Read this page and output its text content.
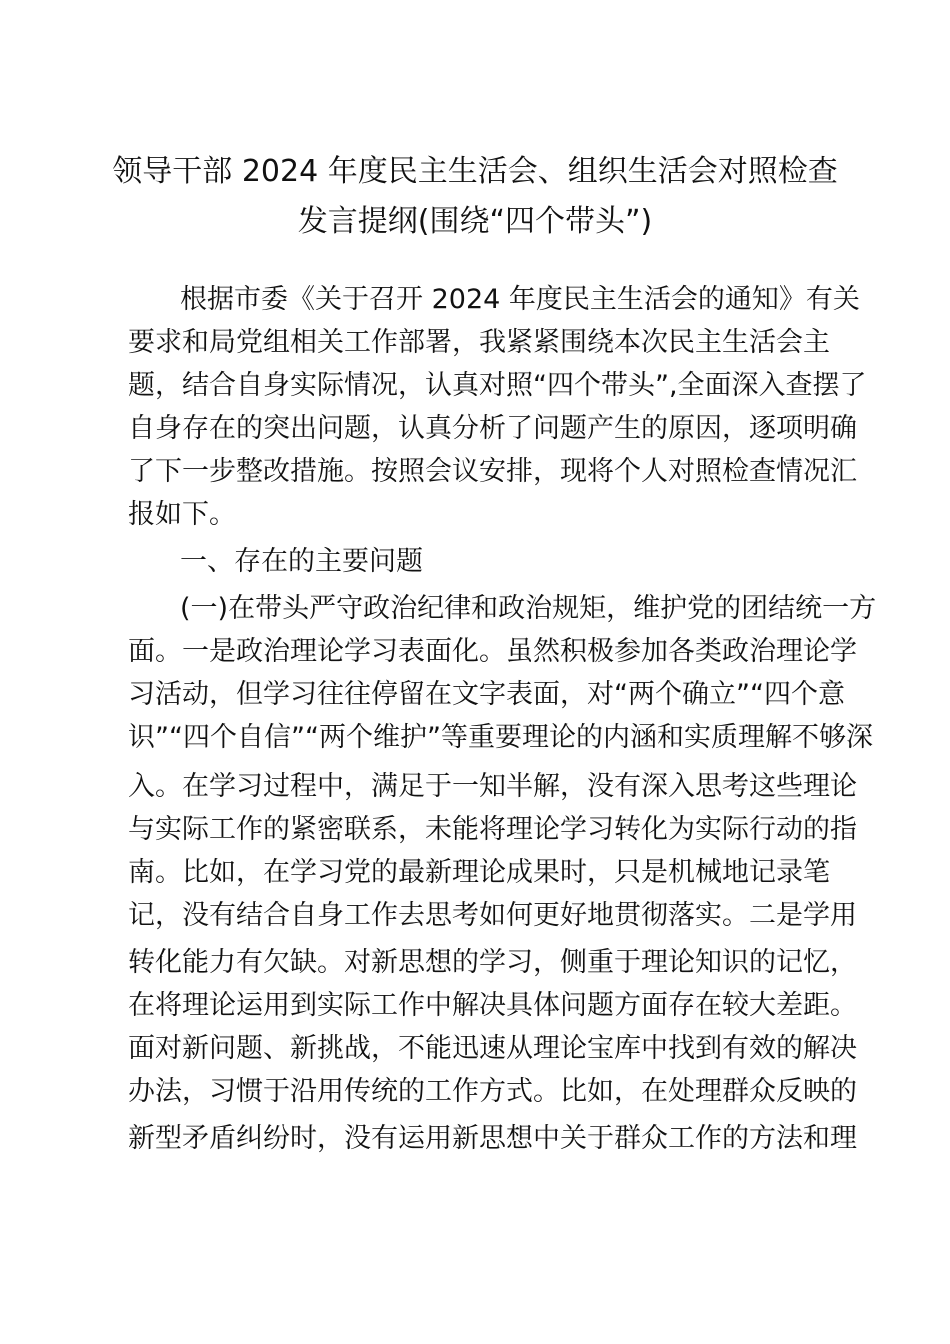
领导干部 2024 年度民主生活会、组织生活会对照检查
发言提纲(围绕“四个带头”)
根据市委《关于召开 2024 年度民主生活会的通知》有关
要求和局党组相关工作部署，我紧紧围绕本次民主生活会主
题，结合自身实际情况，认真对照“四个带头”,全面深入查摆了
自身存在的突出问题，认真分析了问题产生的原因，逐项明确
了下一步整改措施。按照会议安排，现将个人对照检查情况汇
报如下。
一、存在的主要问题
(一)在带头严守政治纪律和政治规矩，维护党的团结统一方
面。一是政治理论学习表面化。虽然积极参加各类政治理论学
习活动，但学习往往停留在文字表面，对“两个确立”“四个意
识”“四个自信”“两个维护”等重要理论的内涵和实质理解不够深
入。在学习过程中，满足于一知半解，没有深入思考这些理论
与实际工作的紧密联系，未能将理论学习转化为实际行动的指
南。比如，在学习党的最新理论成果时，只是机械地记录笔
记，没有结合自身工作去思考如何更好地贯彻落实。二是学用
转化能力有欠缺。对新思想的学习，侧重于理论知识的记忆，
在将理论运用到实际工作中解决具体问题方面存在较大差距。
面对新问题、新挑战，不能迅速从理论宝库中找到有效的解决
办法，习惯于沿用传统的工作方式。比如，在处理群众反映的
新型矛盾纠纷时，没有运用新思想中关于群众工作的方法和理
